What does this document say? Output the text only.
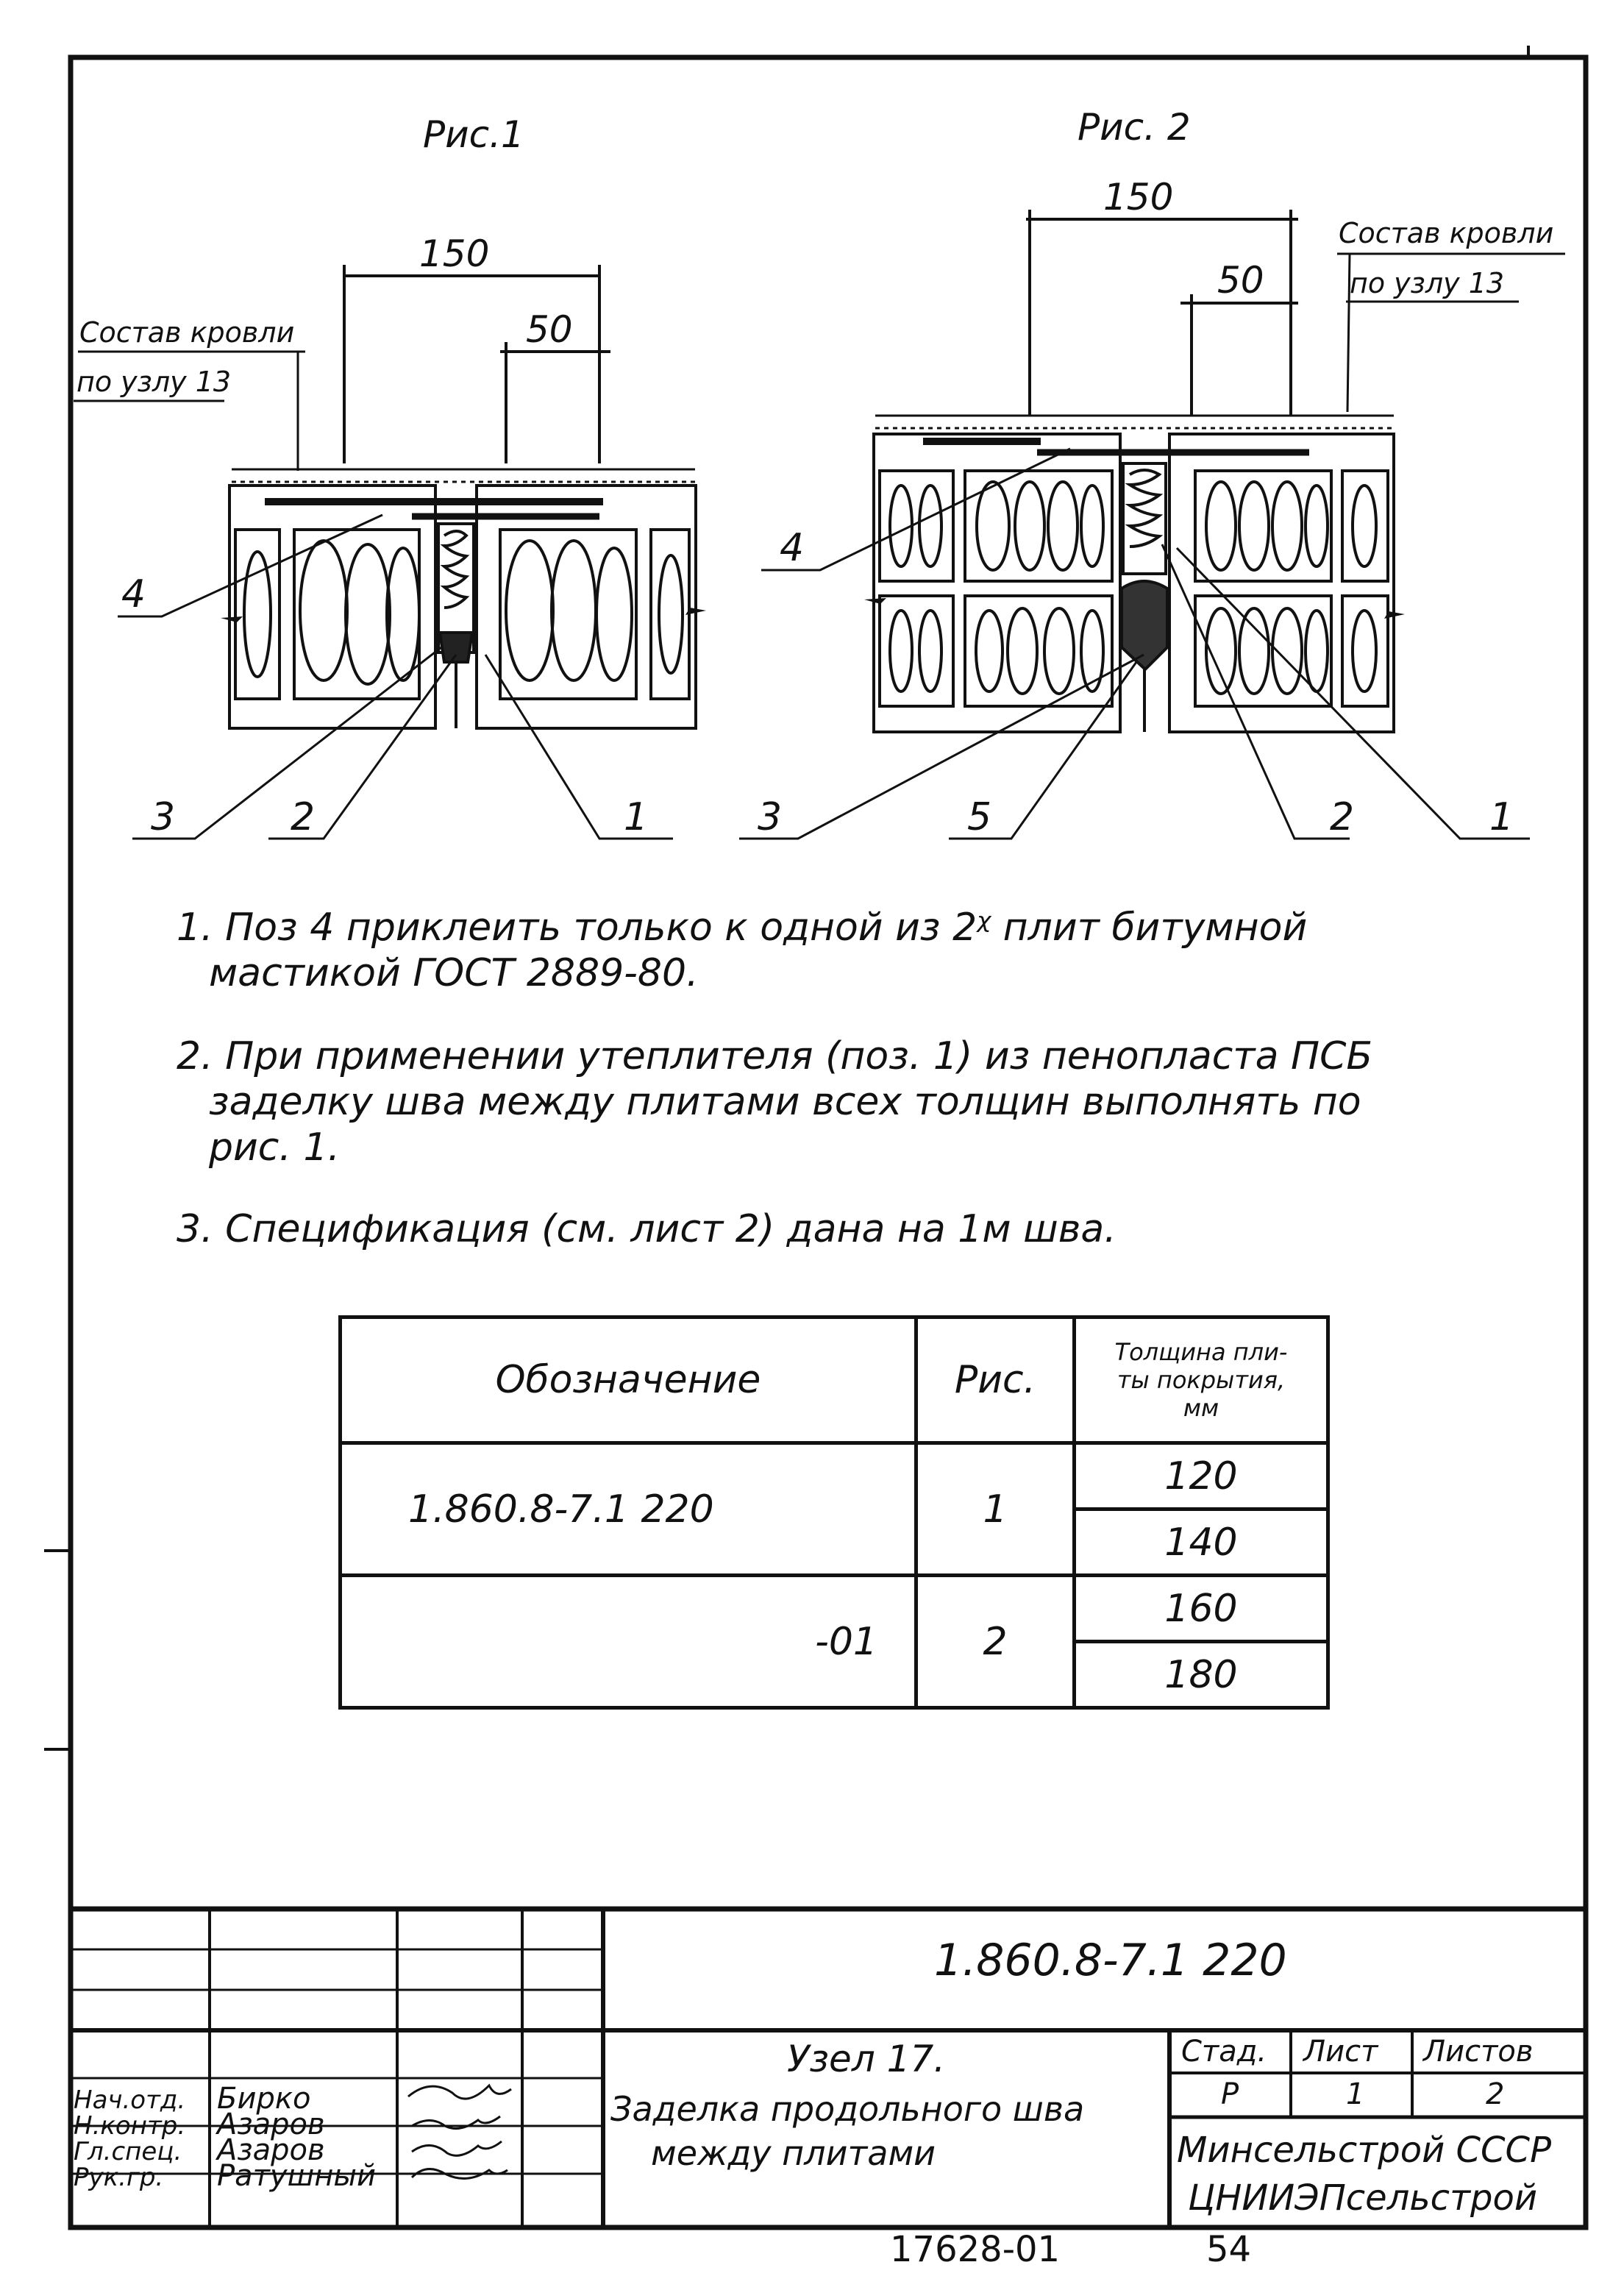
Рис.1
150
50
Состав кровли
по узлу 13
4
3	2	1
Рис. 2
150
50
Состав кровли
по узлу 13
4
3	5	2	1
1. Поз 4 приклеить только к одной из 2ᵡ плит битумной
мастикой ГОСТ 2889-80.
2. При применении утеплителя (поз. 1) из пенопласта ПСБ
заделку шва между плитами всех толщин выполнять по
рис. 1.
3. Спецификация (см. лист 2) дана на 1м шва.
Обозначение	Рис.	Толщина пли-
ты покрытия,
мм

1.860.8-7.1 220	1	120
		140
-01	2	160
		180
1.860.8-7.1 220
Узел 17.
Заделка продольного шва
между плитами
Стад. Лист Листов
Р	1	2
Минсельстрой СССР
ЦНИИЭПсельстрой
Нач.отд. Бирко
Н.контр. Азаров
Гл.спец. Азаров
Рук.гр. Ратушный
17628-01	54
